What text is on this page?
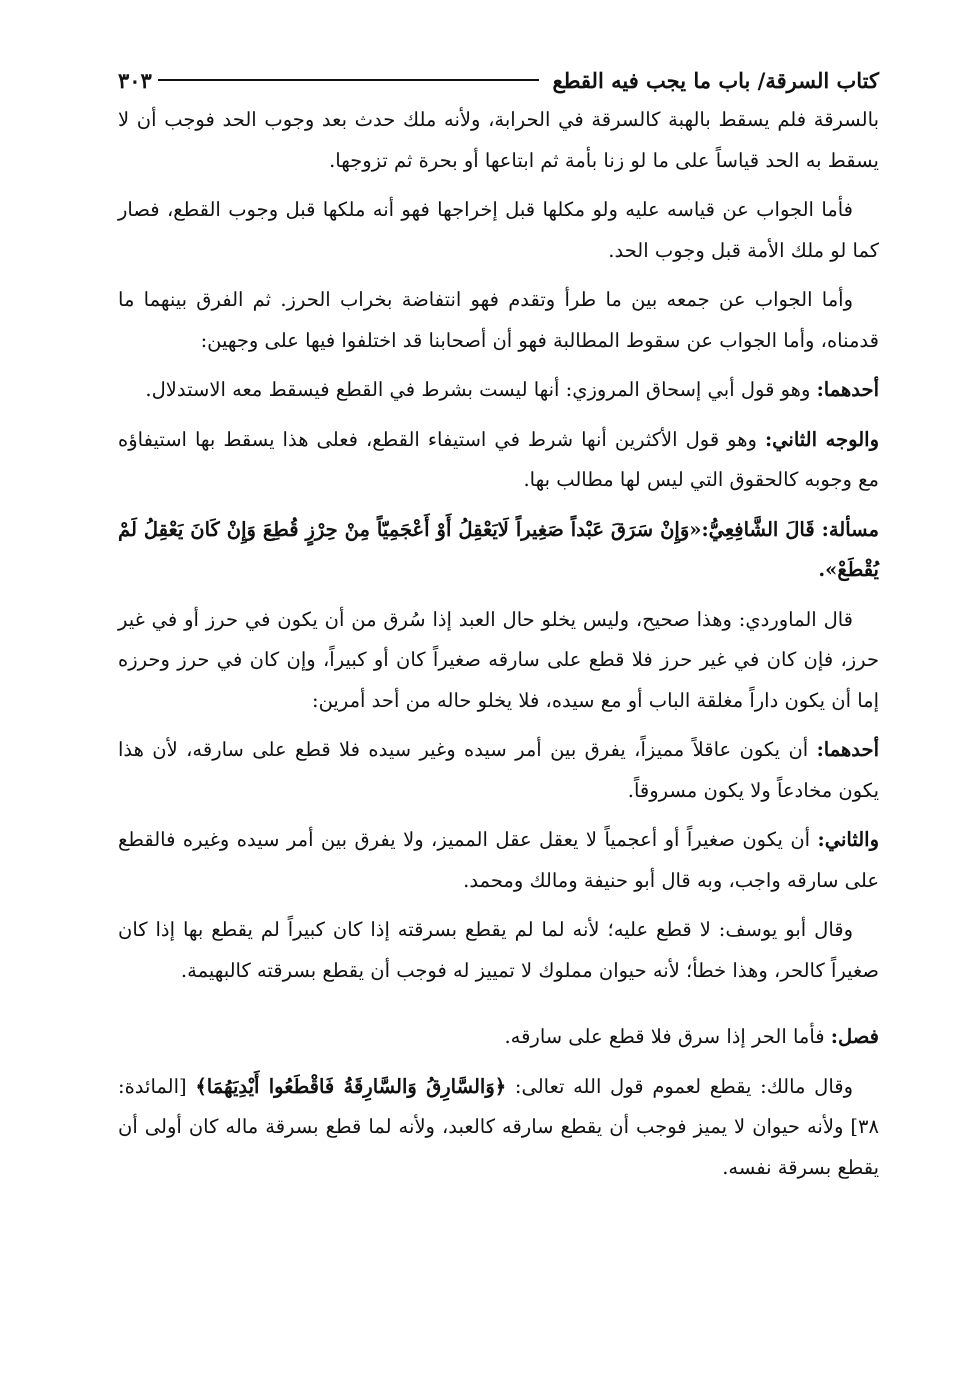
كتاب السرقة/ باب ما يجب فيه القطع
٣٠٣

بالسرقة فلم يسقط بالهبة كالسرقة في الحرابة، ولأنه ملك حدث بعد وجوب الحد فوجب أن لا يسقط به الحد قياساً على ما لو زنا بأمة ثم ابتاعها أو بحرة ثم تزوجها.

فأما الجواب عن قياسه عليه ولو مكلها قبل إخراجها فهو أنه ملكها قبل وجوب القطع، فصار كما لو ملك الأمة قبل وجوب الحد.

وأما الجواب عن جمعه بين ما طرأ وتقدم فهو انتفاضة بخراب الحرز. ثم الفرق بينهما ما قدمناه، وأما الجواب عن سقوط المطالبة فهو أن أصحابنا قد اختلفوا فيها على وجهين:

أحدهما: وهو قول أبي إسحاق المروزي: أنها ليست بشرط في القطع فيسقط معه الاستدلال.

والوجه الثاني: وهو قول الأكثرين أنها شرط في استيفاء القطع، فعلى هذا يسقط بها استيفاؤه مع وجوبه كالحقوق التي ليس لها مطالب بها.

مسألة: قَالَ الشَّافِعِيُّ:«وَإِنْ سَرَقَ عَبْداً صَغِيراً لَايَعْقِلُ أَوْ أَعْجَمِيّاً مِنْ حِرْزٍ قُطِعَ وَإِنْ كَانَ يَعْقِلُ لَمْ يُقْطَعْ».

قال الماوردي: وهذا صحيح، وليس يخلو حال العبد إذا سُرق من أن يكون في حرز أو في غير حرز، فإن كان في غير حرز فلا قطع على سارقه صغيراً كان أو كبيراً، وإن كان في حرز وحرزه إما أن يكون داراً مغلقة الباب أو مع سيده، فلا يخلو حاله من أحد أمرين:

أحدهما: أن يكون عاقلاً مميزاً، يفرق بين أمر سيده وغير سيده فلا قطع على سارقه، لأن هذا يكون مخادعاً ولا يكون مسروقاً.

والثاني: أن يكون صغيراً أو أعجمياً لا يعقل عقل المميز، ولا يفرق بين أمر سيده وغيره فالقطع على سارقه واجب، وبه قال أبو حنيفة ومالك ومحمد.

وقال أبو يوسف: لا قطع عليه؛ لأنه لما لم يقطع بسرقته إذا كان كبيراً لم يقطع بها إذا كان صغيراً كالحر، وهذا خطأ؛ لأنه حيوان مملوك لا تمييز له فوجب أن يقطع بسرقته كالبهيمة.

فصل: فأما الحر إذا سرق فلا قطع على سارقه.

وقال مالك: يقطع لعموم قول الله تعالى: ﴿وَالسَّارِقُ وَالسَّارِقَةُ فَاقْطَعُوا أَيْدِيَهُمَا﴾ [المائدة: ٣٨] ولأنه حيوان لا يميز فوجب أن يقطع سارقه كالعبد، ولأنه لما قطع بسرقة ماله كان أولى أن يقطع بسرقة نفسه.
